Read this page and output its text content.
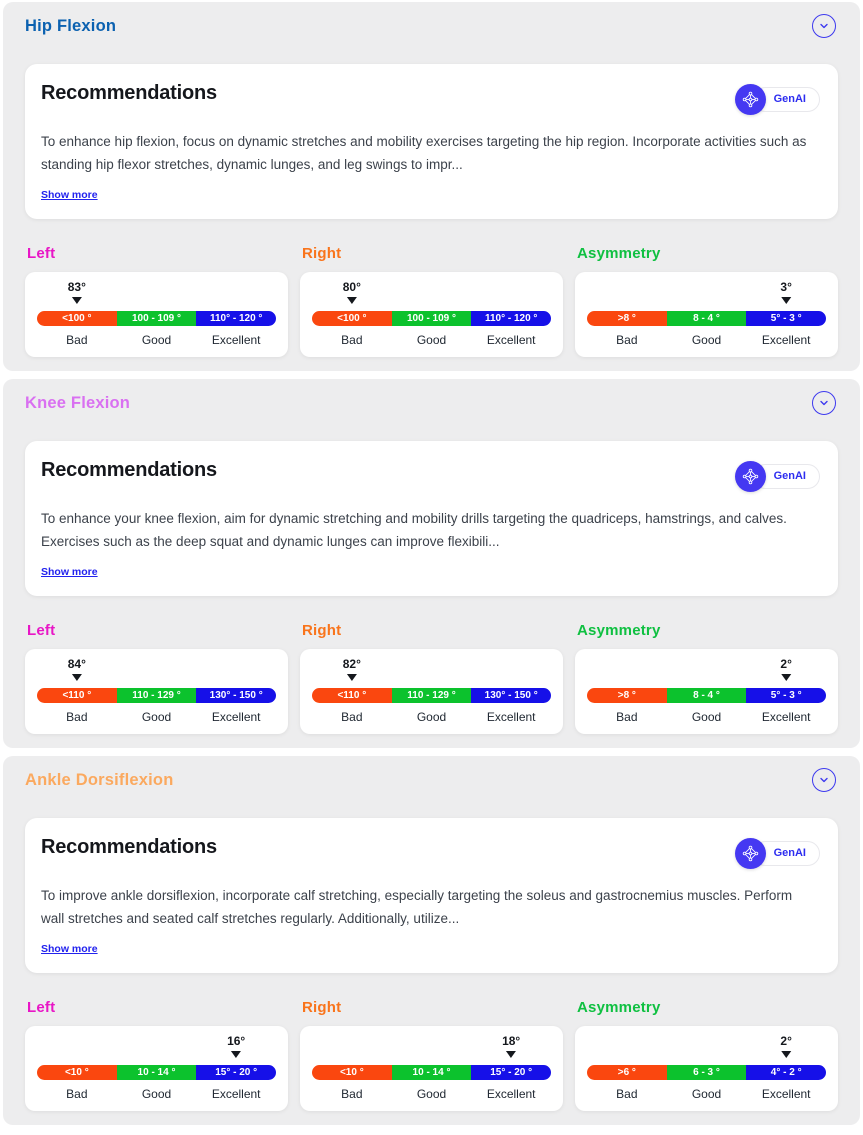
Hip Flexion
Recommendations	GenAI

To enhance hip flexion, focus on dynamic stretches and mobility exercises targeting the hip region. Incorporate activities such as standing hip flexor stretches, dynamic lunges, and leg swings to impr...

Show more
Left
83°
<100 °	100 - 109 °	110° - 120 °
Bad	Good	Excellent
Right
80°
<100 °	100 - 109 °	110° - 120 °
Bad	Good	Excellent
Asymmetry
3°
>8 °	8 - 4 °	5° - 3 °
Bad	Good	Excellent
Knee Flexion
Recommendations	GenAI

To enhance your knee flexion, aim for dynamic stretching and mobility drills targeting the quadriceps, hamstrings, and calves. Exercises such as the deep squat and dynamic lunges can improve flexibili...

Show more
Left
84°
<110 °	110 - 129 °	130° - 150 °
Bad	Good	Excellent
Right
82°
<110 °	110 - 129 °	130° - 150 °
Bad	Good	Excellent
Asymmetry
2°
>8 °	8 - 4 °	5° - 3 °
Bad	Good	Excellent
Ankle Dorsiflexion
Recommendations	GenAI

To improve ankle dorsiflexion, incorporate calf stretching, especially targeting the soleus and gastrocnemius muscles. Perform wall stretches and seated calf stretches regularly. Additionally, utilize...

Show more
Left
16°
<10 °	10 - 14 °	15° - 20 °
Bad	Good	Excellent
Right
18°
<10 °	10 - 14 °	15° - 20 °
Bad	Good	Excellent
Asymmetry
2°
>6 °	6 - 3 °	4° - 2 °
Bad	Good	Excellent
